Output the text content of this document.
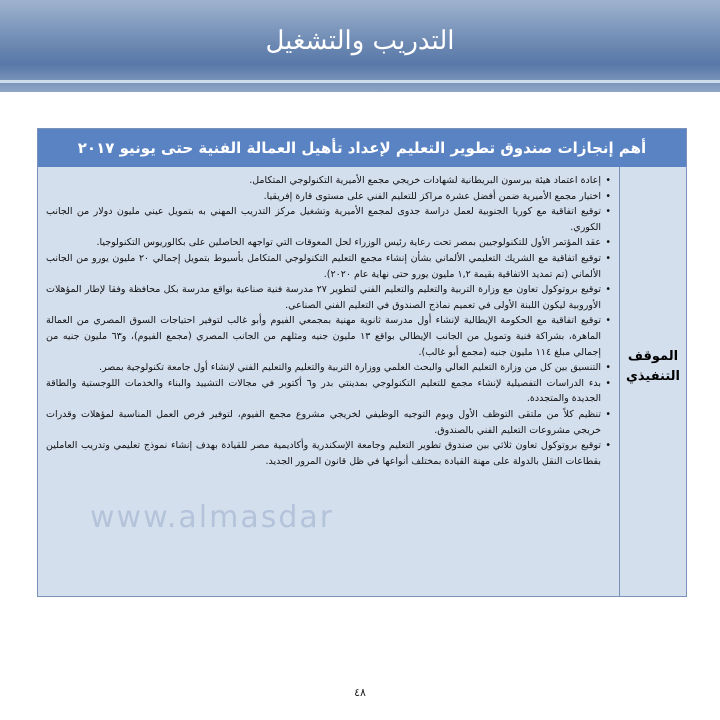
التدريب والتشغيل
أهم إنجازات صندوق تطوير التعليم لإعداد تأهيل العمالة الفنية حتى يونيو ٢٠١٧
الموقف
التنفيذي
• إعادة اعتماد هيئة بيرسون البريطانية لشهادات خريجي مجمع الأميرية التكنولوجي المتكامل.
• اختيار مجمع الأميرية ضمن أفضل عشرة مراكز للتعليم الفني على مستوى قارة إفريقيا.
• توقيع اتفاقية مع كوريا الجنوبية لعمل دراسة جدوى لمجمع الأميرية وتشغيل مركز التدريب المهني به بتمويل عيني مليون دولار من الجانب الكوري.
• عقد المؤتمر الأول للتكنولوجيين بمصر تحت رعاية رئيس الوزراء لحل المعوقات التي تواجهه الحاصلين على بكالوريوس التكنولوجيا.
• توقيع اتفاقية مع الشريك التعليمي الألماني بشأن إنشاء مجمع التعليم التكنولوجي المتكامل بأسيوط بتمويل إجمالي ٢٠ مليون يورو من الجانب الألماني (تم تمديد الاتفاقية بقيمة ١,٢ مليون يورو حتى نهاية عام ٢٠٢٠).
• توقيع بروتوكول تعاون مع وزارة التربية والتعليم والتعليم الفني لتطوير ٢٧ مدرسة فنية صناعية بواقع مدرسة بكل محافظة وفقا لإطار المؤهلات الأوروبية ليكون اللبنة الأولى في تعميم نماذج الصندوق في التعليم الفني الصناعي.
• توقيع اتفاقية مع الحكومة الإيطالية لإنشاء أول مدرسة ثانوية مهنية بمجمعي الفيوم وأبو غالب لتوفير احتياجات السوق المصري من العمالة الماهرة، بشراكة فنية وتمويل من الجانب الإيطالي بواقع ١٣ مليون جنيه ومثلهم من الجانب المصري (مجمع الفيوم)، و٦٣ مليون جنيه من إجمالي مبلغ ١١٤ مليون جنيه (مجمع أبو غالب).
• التنسيق بين كل من وزارة التعليم العالي والبحث العلمي ووزارة التربية والتعليم والتعليم الفني لإنشاء أول جامعة تكنولوجية بمصر.
• بدء الدراسات التفصيلية لإنشاء مجمع للتعليم التكنولوجي بمدينتي بدر و٦ أكتوبر في مجالات التشييد والبناء والخدمات اللوجستية والطاقة الجديدة والمتجددة.
• تنظيم كلاً من ملتقى التوظف الأول ويوم التوجيه الوظيفي لخريجي مشروع مجمع الفيوم، لتوفير فرص العمل المناسبة لمؤهلات وقدرات خريجي مشروعات التعليم الفني بالصندوق.
• توقيع بروتوكول تعاون ثلاثي بين صندوق تطوير التعليم وجامعة الإسكندرية وأكاديمية مصر للقيادة بهدف إنشاء نموذج تعليمي وتدريب العاملين بقطاعات النقل بالدولة على مهنة القيادة بمختلف أنواعها في ظل قانون المرور الجديد.
www.almasdar
٤٨
